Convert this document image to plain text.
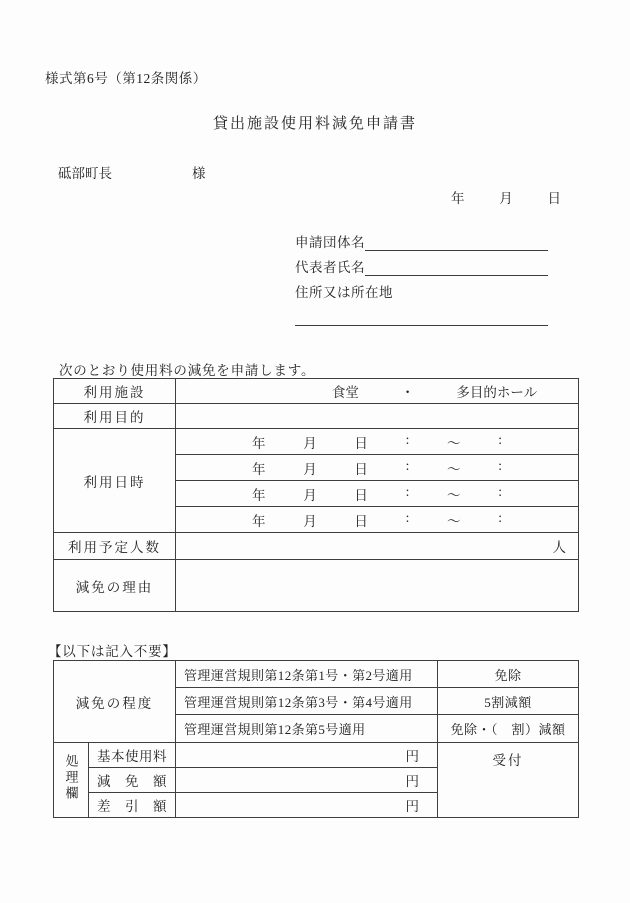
様式第6号（第12条関係）
貸出施設使用料減免申請書
砥部町長	様
年	月	日
申請団体名
代表者氏名
住所又は所在地
次のとおり使用料の減免を申請します。
利用施設	食堂 ・ 多目的ホール

利用目的	
利用日時	
年	月	日	:	～	:

年	月	日	:	～	:

年	月	日	:	～	:

年	月	日	:	～	:

利用予定人数	人
減免の理由	
【以下は記入不要】
減免の程度		管理運営規則第12条第1号・第2号適用	免除
		管理運営規則第12条第3号・第4号適用	5割減額
		管理運営規則第12条第5号適用	免除・（　割）減額
処理欄	基本使用料	円	受付
	減　免　額	円	
	差　引　額	円	
